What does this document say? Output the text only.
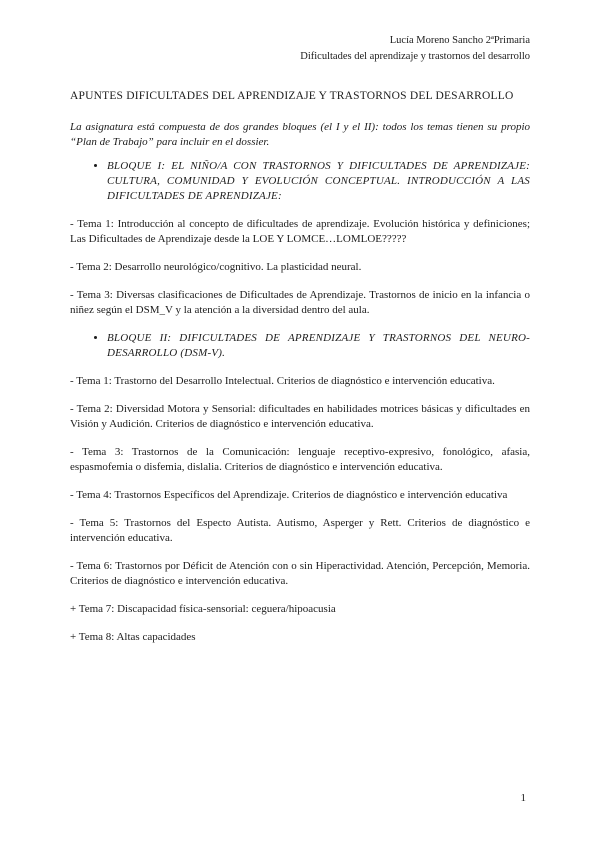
Lucía Moreno Sancho 2ªPrimaria
Dificultades del aprendizaje y trastornos del desarrollo

APUNTES DIFICULTADES DEL APRENDIZAJE Y TRASTORNOS DEL DESARROLLO

La asignatura está compuesta de dos grandes bloques (el I y el II): todos los temas tienen su propio “Plan de Trabajo” para incluir en el dossier.

• BLOQUE I: EL NIÑO/A CON TRASTORNOS Y DIFICULTADES DE APRENDIZAJE: CULTURA, COMUNIDAD Y EVOLUCIÓN CONCEPTUAL. INTRODUCCIÓN A LAS DIFICULTADES DE APRENDIZAJE:

- Tema 1: Introducción al concepto de dificultades de aprendizaje. Evolución histórica y definiciones; Las Dificultades de Aprendizaje desde la LOE Y LOMCE…LOMLOE?????

- Tema 2: Desarrollo neurológico/cognitivo. La plasticidad neural.

- Tema 3: Diversas clasificaciones de Dificultades de Aprendizaje. Trastornos de inicio en la infancia o niñez según el DSM_V y la atención a la diversidad dentro del aula.

• BLOQUE II: DIFICULTADES DE APRENDIZAJE Y TRASTORNOS DEL NEURO-DESARROLLO (DSM-V).

- Tema 1: Trastorno del Desarrollo Intelectual. Criterios de diagnóstico e intervención educativa.

- Tema 2: Diversidad Motora y Sensorial: dificultades en habilidades motrices básicas y dificultades en Visión y Audición. Criterios de diagnóstico e intervención educativa.

- Tema 3: Trastornos de la Comunicación: lenguaje receptivo-expresivo, fonológico, afasia, espasmofemia o disfemia, dislalia. Criterios de diagnóstico e intervención educativa.

- Tema 4: Trastornos Específicos del Aprendizaje. Criterios de diagnóstico e intervención educativa

- Tema 5: Trastornos del Especto Autista. Autismo, Asperger y Rett. Criterios de diagnóstico e intervención educativa.

- Tema 6: Trastornos por Déficit de Atención con o sin Hiperactividad. Atención, Percepción, Memoria. Criterios de diagnóstico e intervención educativa.

+ Tema 7: Discapacidad física-sensorial: ceguera/hipoacusia

+ Tema 8: Altas capacidades

1
